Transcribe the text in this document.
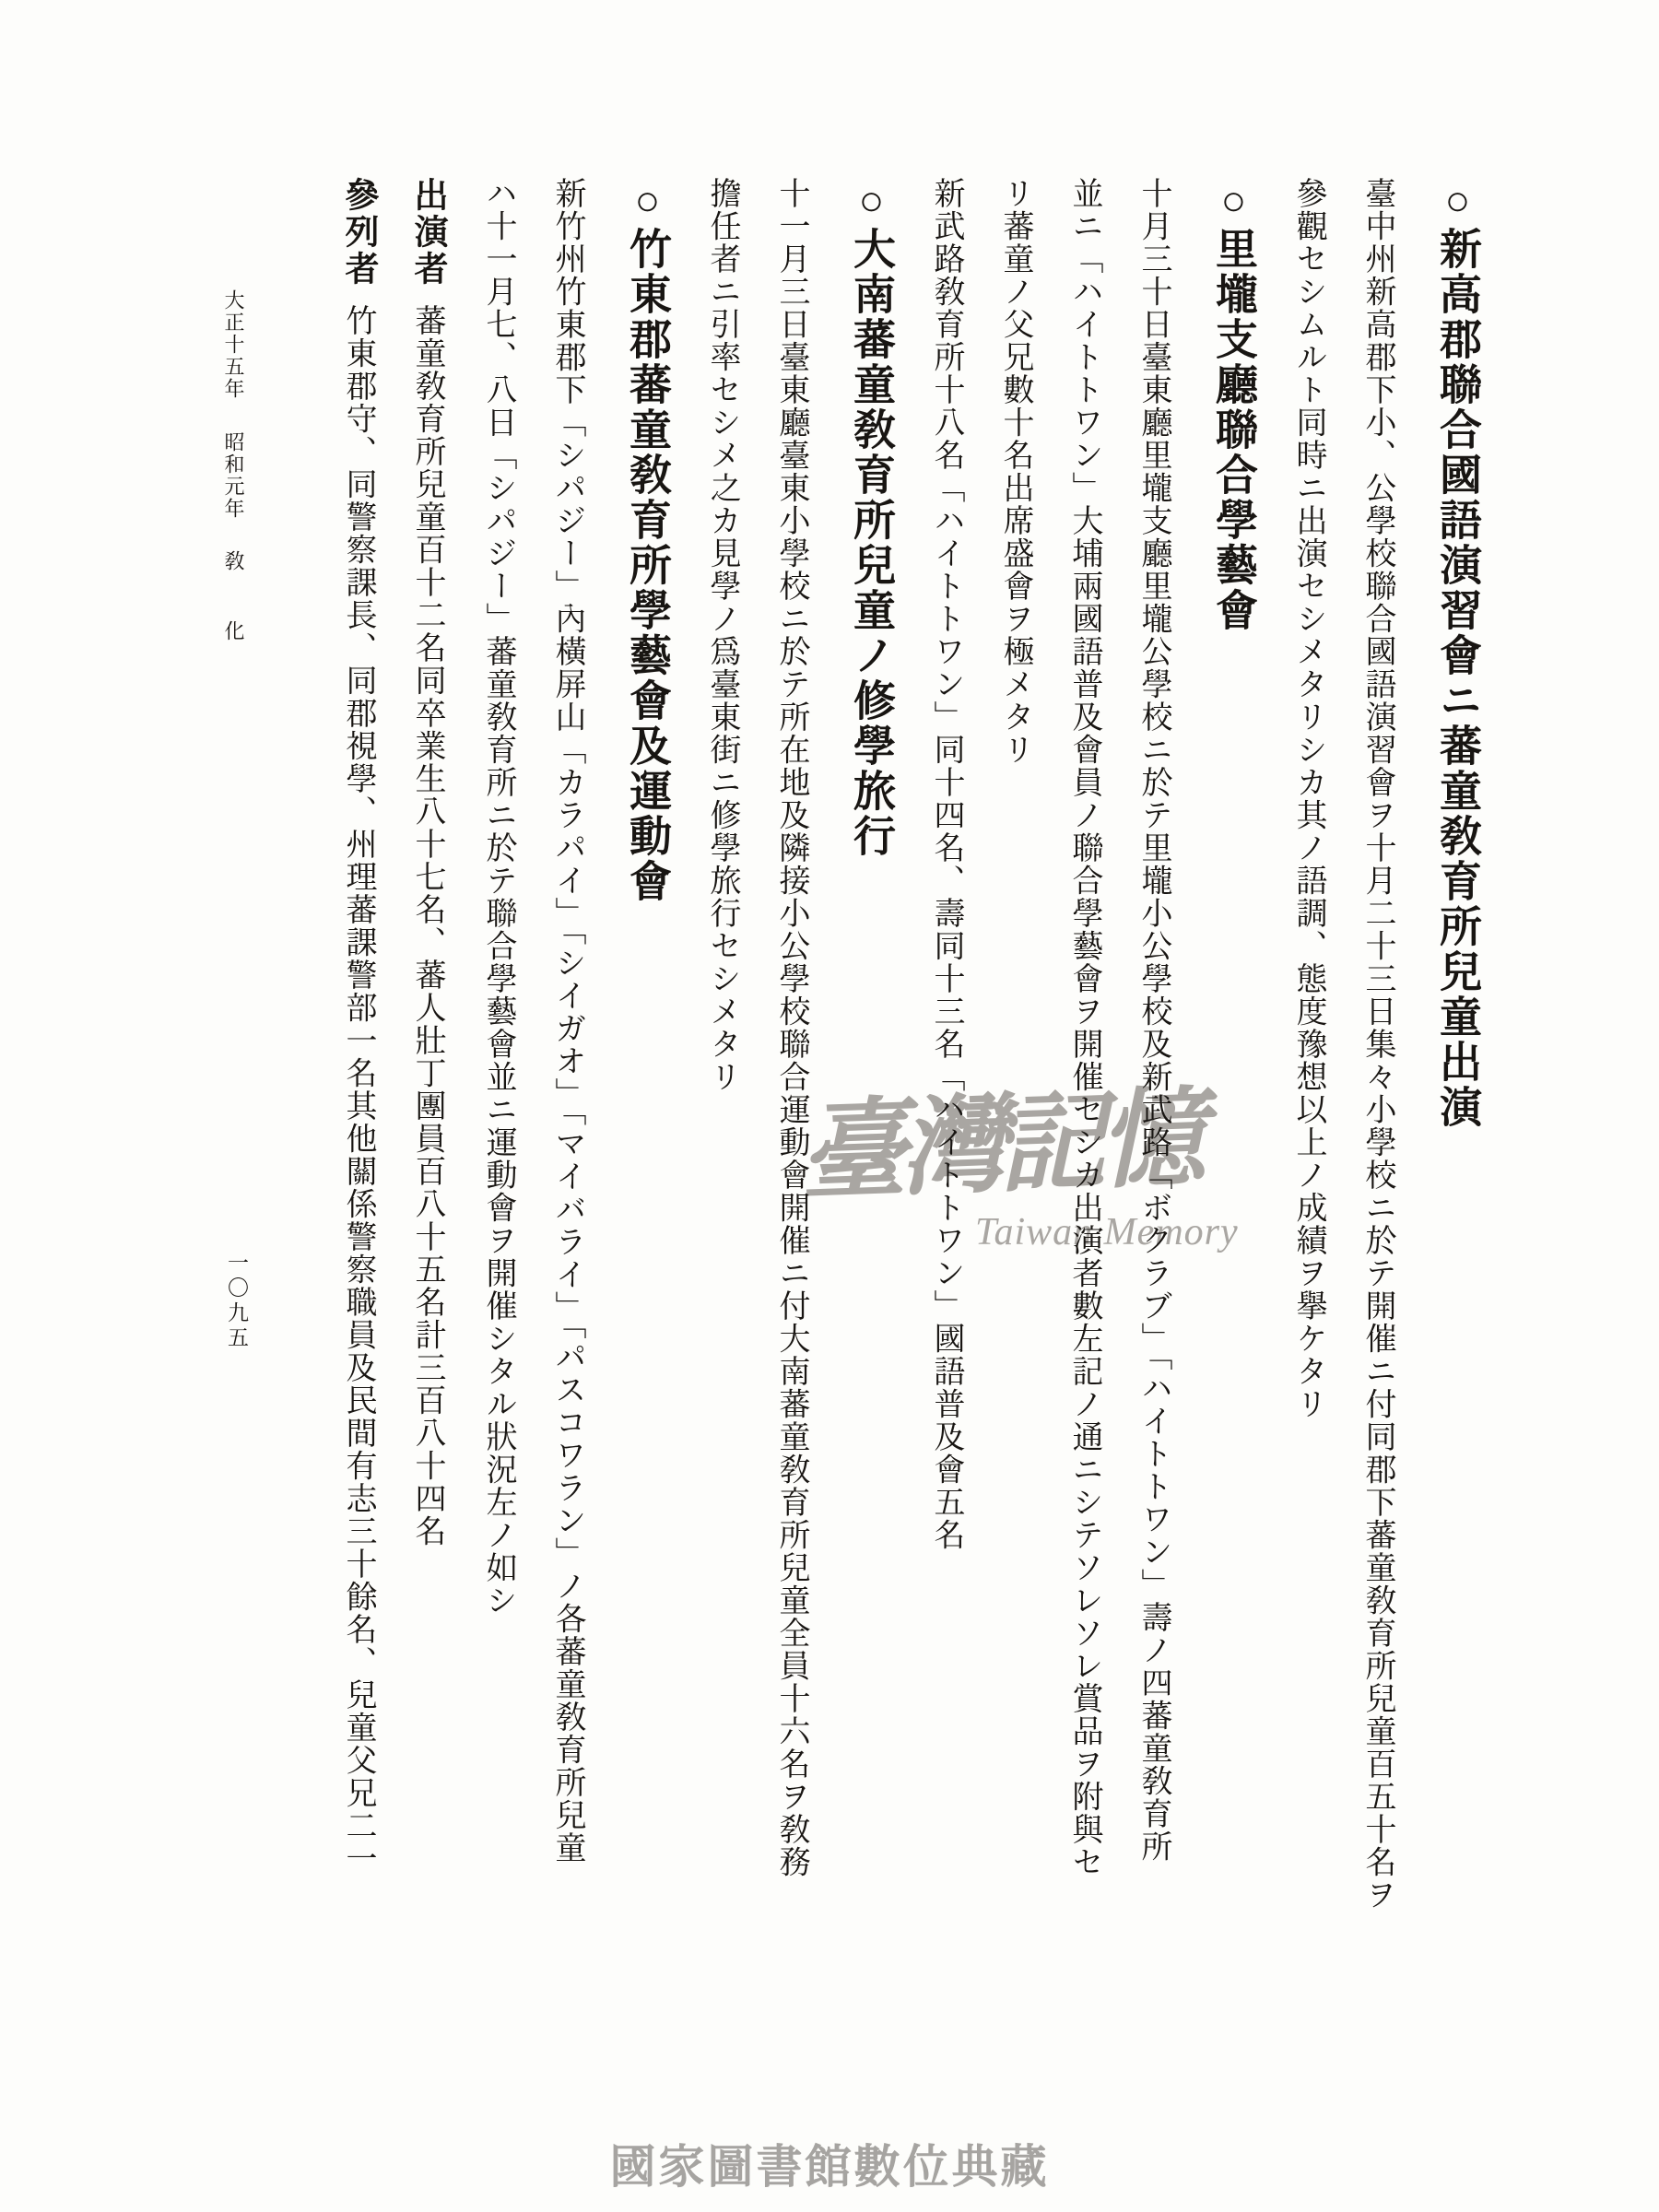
臺灣記憶
Taiwan Memory
國家圖書館數位典藏
○新高郡聯合國語演習會ニ蕃童敎育所兒童出演
臺中州新高郡下小、公學校聯合國語演習會ヲ十月二十三日集々小學校ニ於テ開催ニ付同郡下蕃童敎育所兒童百五十名ヲ
參觀セシムルト同時ニ出演セシメタリシカ其ノ語調、態度豫想以上ノ成績ヲ擧ケタリ
○里壠支廳聯合學藝會
十月三十日臺東廳里壠支廳里壠公學校ニ於テ里壠小公學校及新武路「ボクラブ」「ハイトトワン」壽ノ四蕃童敎育所
並ニ「ハイトトワン」大埔兩國語普及會員ノ聯合學藝會ヲ開催セシカ出演者數左記ノ通ニシテソレソレ賞品ヲ附與セ
リ蕃童ノ父兄數十名出席盛會ヲ極メタリ
新武路敎育所十八名「ハイトトワン」同十四名、壽同十三名「ハイトトワン」國語普及會五名
○大南蕃童敎育所兒童ノ修學旅行
十一月三日臺東廳臺東小學校ニ於テ所在地及隣接小公學校聯合運動會開催ニ付大南蕃童敎育所兒童全員十六名ヲ敎務
擔任者ニ引率セシメ之カ見學ノ爲臺東街ニ修學旅行セシメタリ
○竹東郡蕃童敎育所學藝會及運動會
新竹州竹東郡下「シパジー」內橫屏山「カラパイ」「シイガオ」「マイバライ」「パスコワラン」ノ各蕃童敎育所兒童
ハ十一月七、八日「シパジー」蕃童敎育所ニ於テ聯合學藝會並ニ運動會ヲ開催シタル狀況左ノ如シ
出演者蕃童敎育所兒童百十二名同卒業生八十七名、蕃人壯丁團員百八十五名計三百八十四名
參列者竹東郡守、同警察課長、同郡視學、州理蕃課警部一名其他關係警察職員及民間有志三十餘名、兒童父兄二一
大正十五年 昭和元年 敎 化
一〇九五
